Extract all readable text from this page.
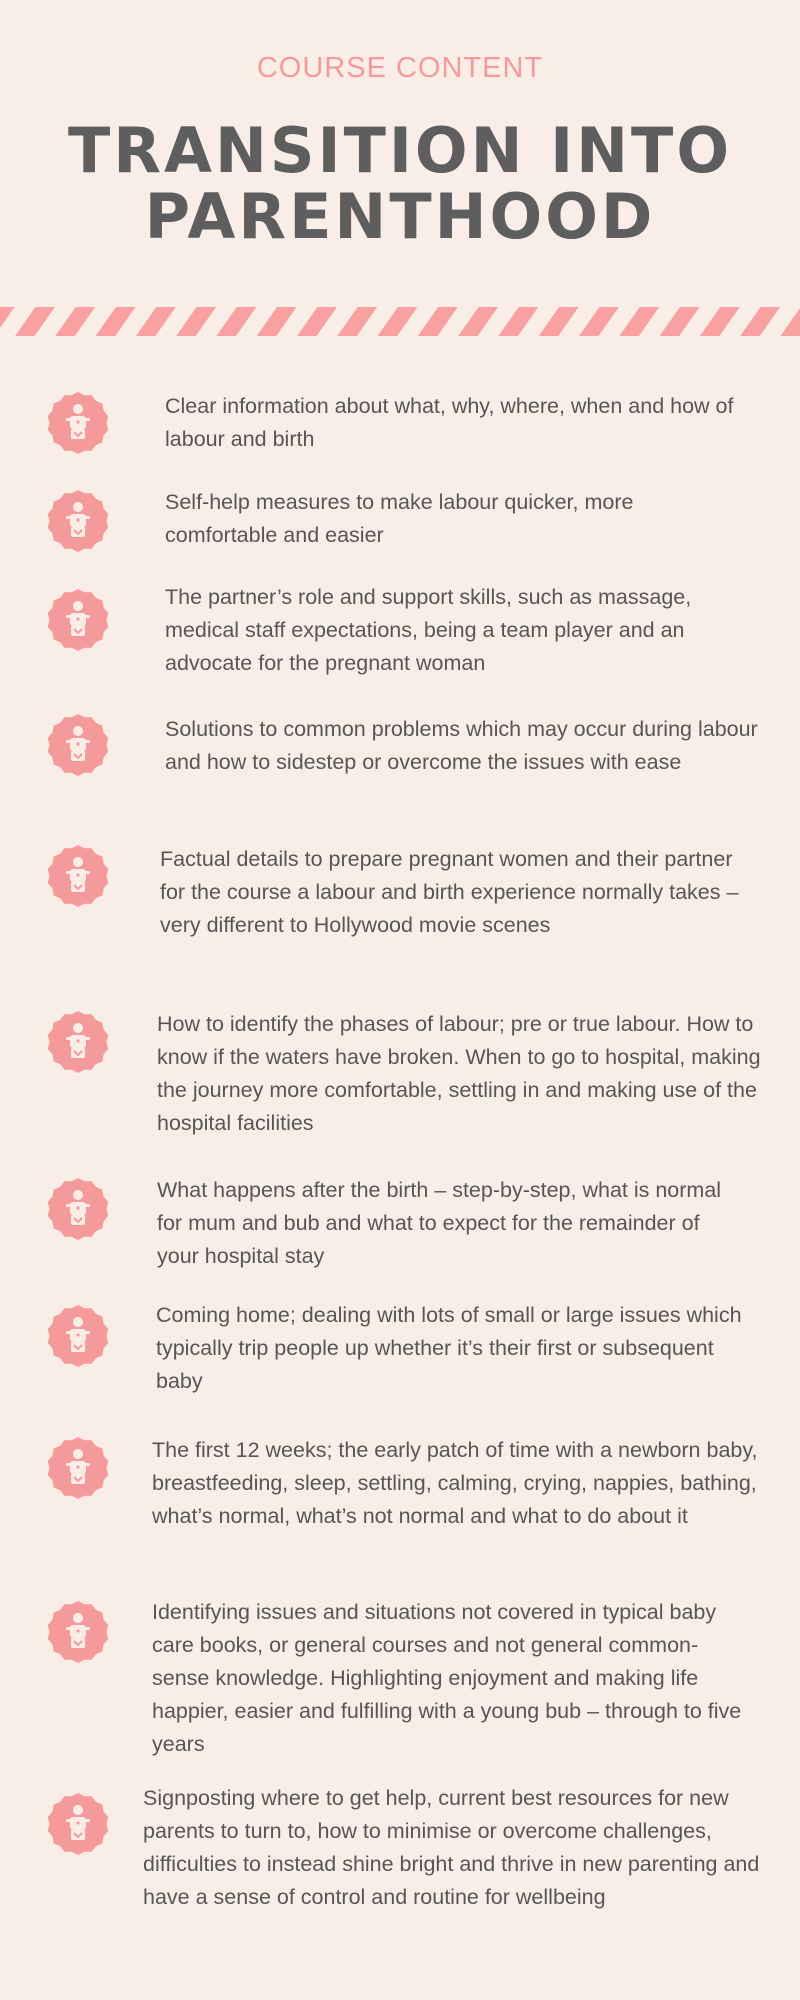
COURSE CONTENT
TRANSITION INTO
PARENTHOOD
Clear information about what, why, where, when and how of labour and birth
Self-help measures to make labour quicker, more comfortable and easier
The partner’s role and support skills, such as massage, medical staff expectations, being a team player and an advocate for the pregnant woman
Solutions to common problems which may occur during labour and how to sidestep or overcome the issues with ease
Factual details to prepare pregnant women and their partner for the course a labour and birth experience normally takes – very different to Hollywood movie scenes
How to identify the phases of labour; pre or true labour. How to know if the waters have broken. When to go to hospital, making the journey more comfortable, settling in and making use of the hospital facilities
What happens after the birth – step-by-step, what is normal for mum and bub and what to expect for the remainder of your hospital stay
Coming home; dealing with lots of small or large issues which typically trip people up whether it’s their first or subsequent baby
The first 12 weeks; the early patch of time with a newborn baby, breastfeeding, sleep, settling, calming, crying, nappies, bathing, what’s normal, what’s not normal and what to do about it
Identifying issues and situations not covered in typical baby care books, or general courses and not general common-sense knowledge. Highlighting enjoyment and making life happier, easier and fulfilling with a young bub – through to five years
Signposting where to get help, current best resources for new parents to turn to, how to minimise or overcome challenges, difficulties to instead shine bright and thrive in new parenting and have a sense of control and routine for wellbeing
